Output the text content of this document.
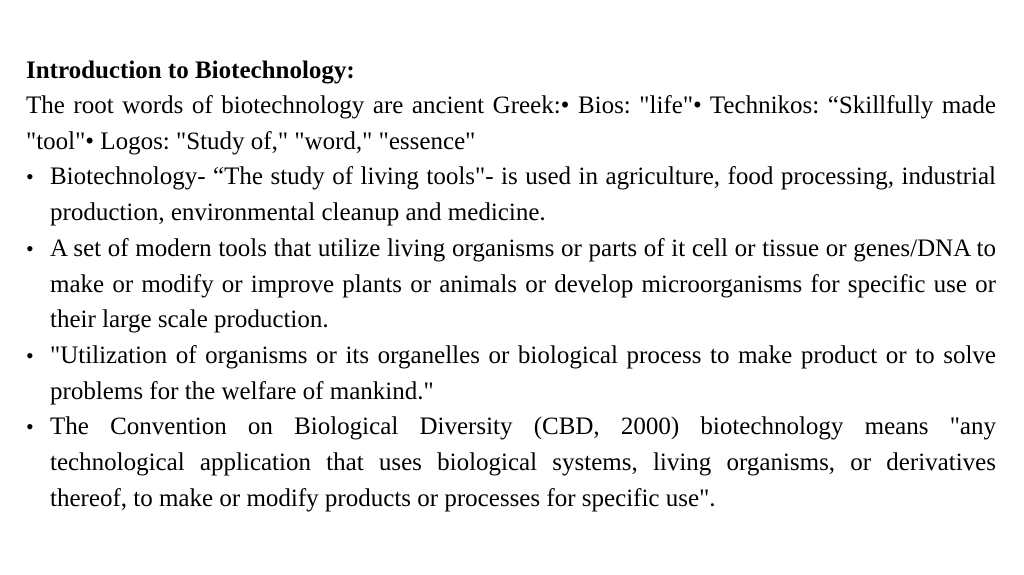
Introduction to Biotechnology:

The root words of biotechnology are ancient Greek:• Bios: "life"• Technikos: “Skillfully made "tool"• Logos: "Study of," "word," "essence"

• Biotechnology- “The study of living tools"- is used in agriculture, food processing, industrial production, environmental cleanup and medicine.
• A set of modern tools that utilize living organisms or parts of it cell or tissue or genes/DNA to make or modify or improve plants or animals or develop microorganisms for specific use or their large scale production.
• "Utilization of organisms or its organelles or biological process to make product or to solve problems for the welfare of mankind."
• The Convention on Biological Diversity (CBD, 2000) biotechnology means "any technological application that uses biological systems, living organisms, or derivatives thereof, to make or modify products or processes for specific use".
